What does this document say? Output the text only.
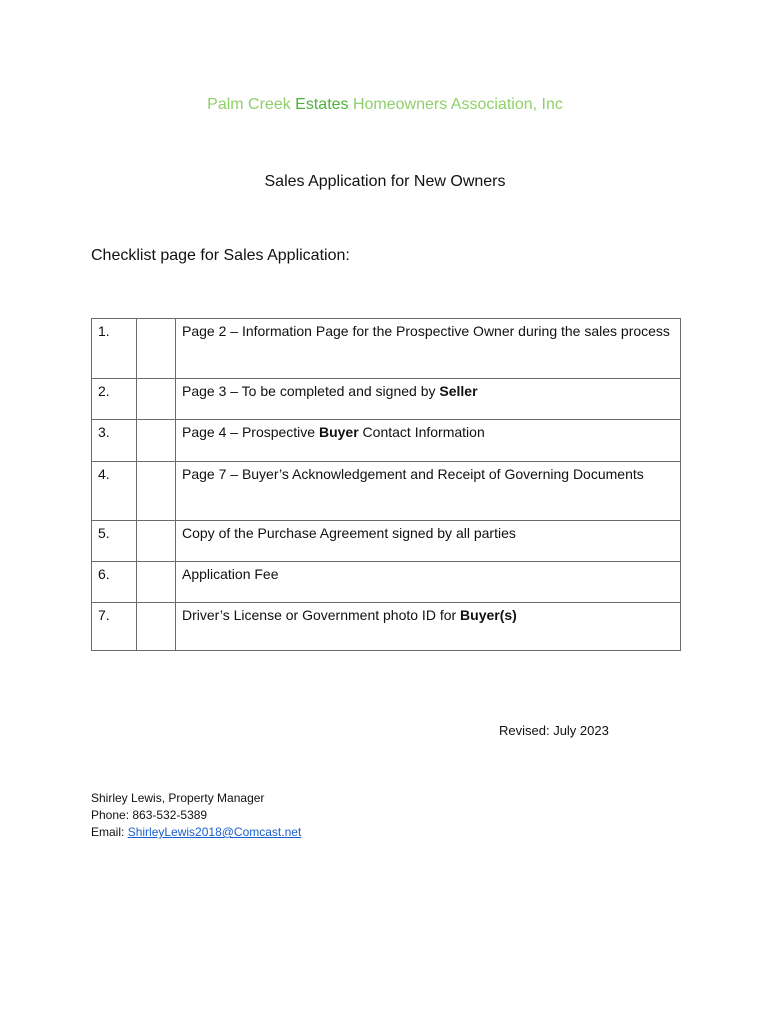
Palm Creek Estates Homeowners Association, Inc
Sales Application for New Owners
Checklist page for Sales Application:
1.		Page 2 – Information Page for the Prospective Owner during the sales process
2.		Page 3 – To be completed and signed by Seller
3.		Page 4 – Prospective Buyer Contact Information
4.		Page 7 – Buyer’s Acknowledgement and Receipt of Governing Documents
5.		Copy of the Purchase Agreement signed by all parties
6.		Application Fee
7.		Driver’s License or Government photo ID for Buyer(s)
Revised: July 2023
Shirley Lewis, Property Manager
Phone: 863-532-5389
Email: ShirleyLewis2018@Comcast.net
